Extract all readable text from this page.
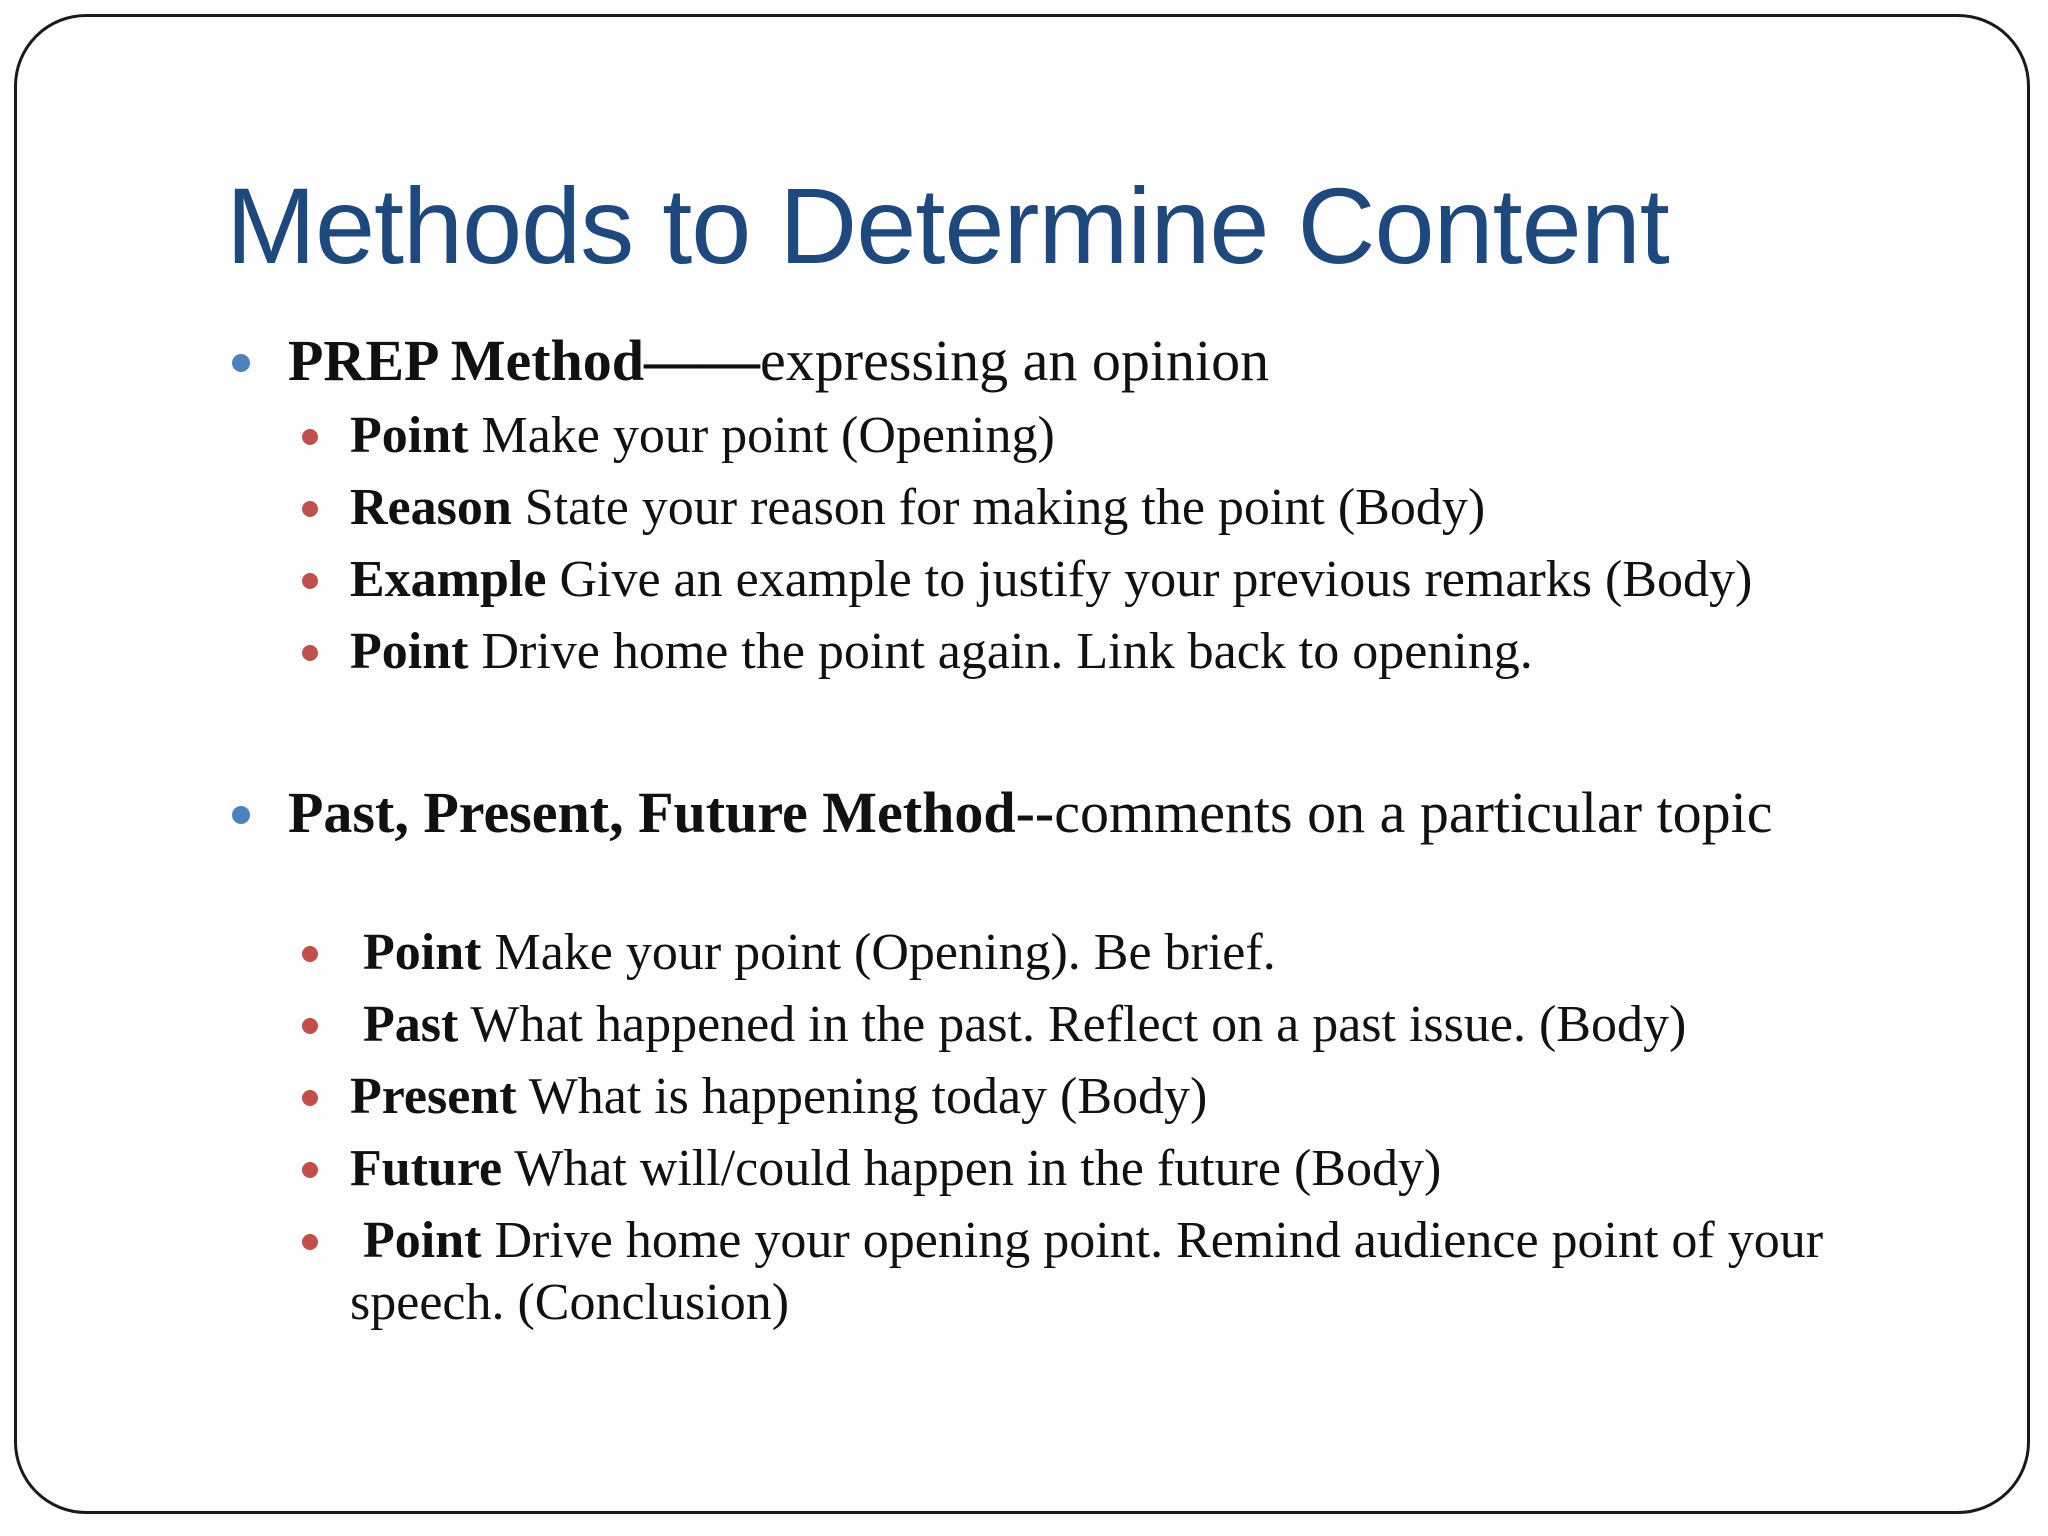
Methods to Determine Content
PREP Method——expressing an opinion
Point Make your point (Opening)
Reason State your reason for making the point (Body)
Example Give an example to justify your previous remarks (Body)
Point Drive home the point again. Link back to opening.
Past, Present, Future Method--comments on a particular topic
Point Make your point (Opening). Be brief.
Past What happened in the past. Reflect on a past issue. (Body)
Present What is happening today (Body)
Future What will/could happen in the future (Body)
Point Drive home your opening point. Remind audience point of your speech. (Conclusion)
